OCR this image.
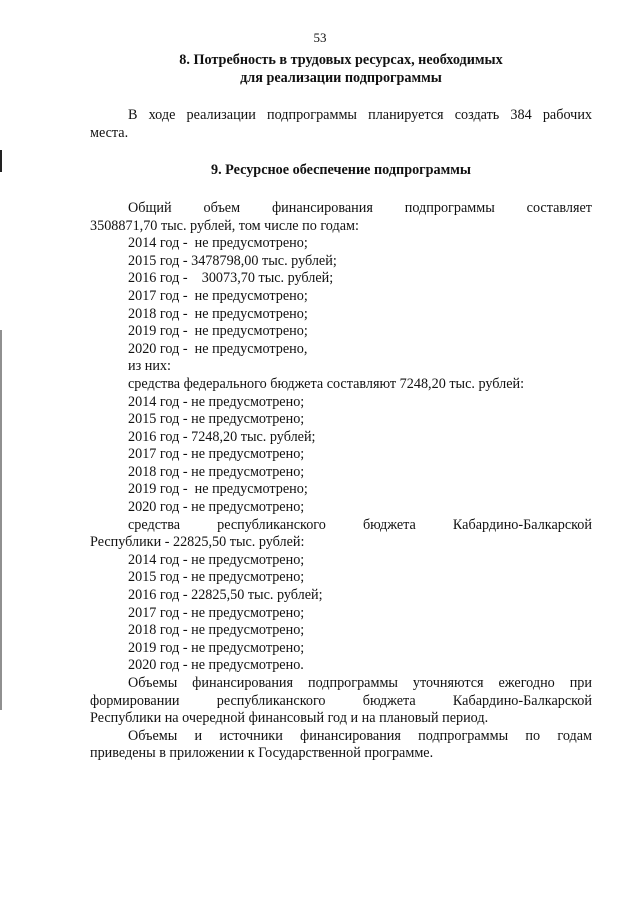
53
8. Потребность в трудовых ресурсах, необходимых
для реализации подпрограммы
В ходе реализации подпрограммы планируется создать 384 рабочих
места.
9. Ресурсное обеспечение подпрограммы
Общий объем финансирования подпрограммы составляет
3508871,70 тыс. рублей, том числе по годам:
2014 год -  не предусмотрено;
2015 год - 3478798,00 тыс. рублей;
2016 год -    30073,70 тыс. рублей;
2017 год -  не предусмотрено;
2018 год -  не предусмотрено;
2019 год -  не предусмотрено;
2020 год -  не предусмотрено,
из них:
средства федерального бюджета составляют 7248,20 тыс. рублей:
2014 год - не предусмотрено;
2015 год - не предусмотрено;
2016 год - 7248,20 тыс. рублей;
2017 год - не предусмотрено;
2018 год - не предусмотрено;
2019 год -  не предусмотрено;
2020 год - не предусмотрено;
средства республиканского бюджета Кабардино-Балкарской
Республики - 22825,50 тыс. рублей:
2014 год - не предусмотрено;
2015 год - не предусмотрено;
2016 год - 22825,50 тыс. рублей;
2017 год - не предусмотрено;
2018 год - не предусмотрено;
2019 год - не предусмотрено;
2020 год - не предусмотрено.
Объемы финансирования подпрограммы уточняются ежегодно при
формировании республиканского бюджета Кабардино-Балкарской
Республики на очередной финансовый год и на плановый период.
Объемы и источники финансирования подпрограммы по годам
приведены в приложении к Государственной программе.
